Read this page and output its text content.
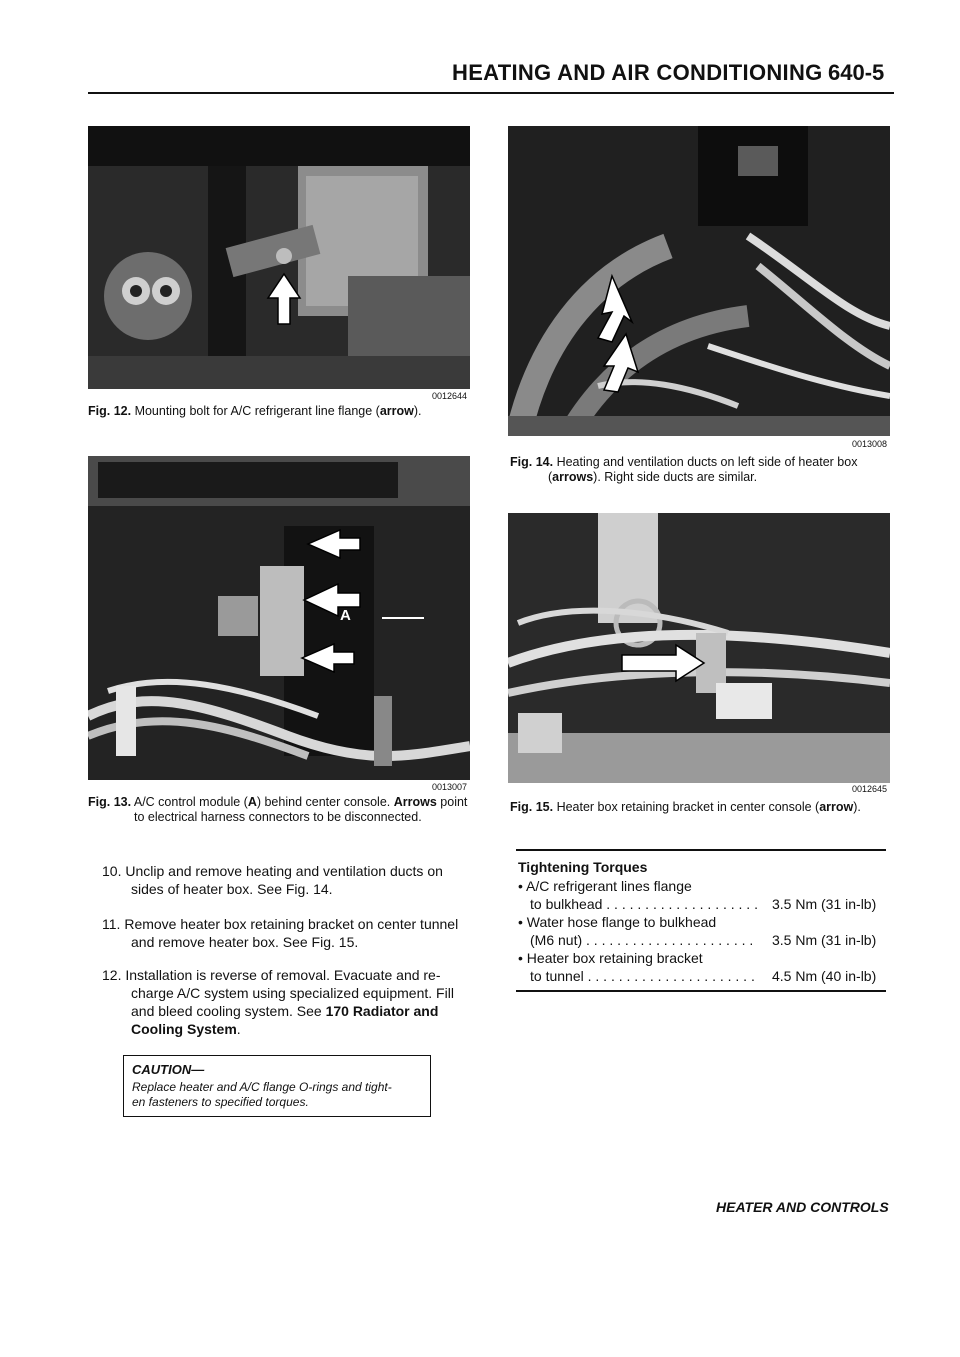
HEATING AND AIR CONDITIONING 640-5
0012644
Fig. 12. Mounting bolt for A/C refrigerant line flange (arrow).
A
0013007
Fig. 13. A/C control module (A) behind center console. Arrows point
to electrical harness connectors to be disconnected.
0013008
Fig. 14. Heating and ventilation ducts on left side of heater box
(arrows). Right side ducts are similar.
0012645
Fig. 15. Heater box retaining bracket in center console (arrow).
10. Unclip and remove heating and ventilation ducts on
sides of heater box. See Fig. 14.
11. Remove heater box retaining bracket on center tunnel
and remove heater box. See Fig. 15.
12. Installation is reverse of removal. Evacuate and re-
charge A/C system using specialized equipment. Fill
and bleed cooling system. See 170 Radiator and
Cooling System.
CAUTION—
Replace heater and A/C flange O-rings and tight-
en fasteners to specified torques.
Tightening Torques
• A/C refrigerant lines flange
to bulkhead . . . . . . . . . . . . . . . . . . . . 3.5 Nm (31 in-lb)
• Water hose flange to bulkhead
(M6 nut) . . . . . . . . . . . . . . . . . . . . . . 3.5 Nm (31 in-lb)
• Heater box retaining bracket
to tunnel . . . . . . . . . . . . . . . . . . . . . . 4.5 Nm (40 in-lb)
HEATER AND CONTROLS
